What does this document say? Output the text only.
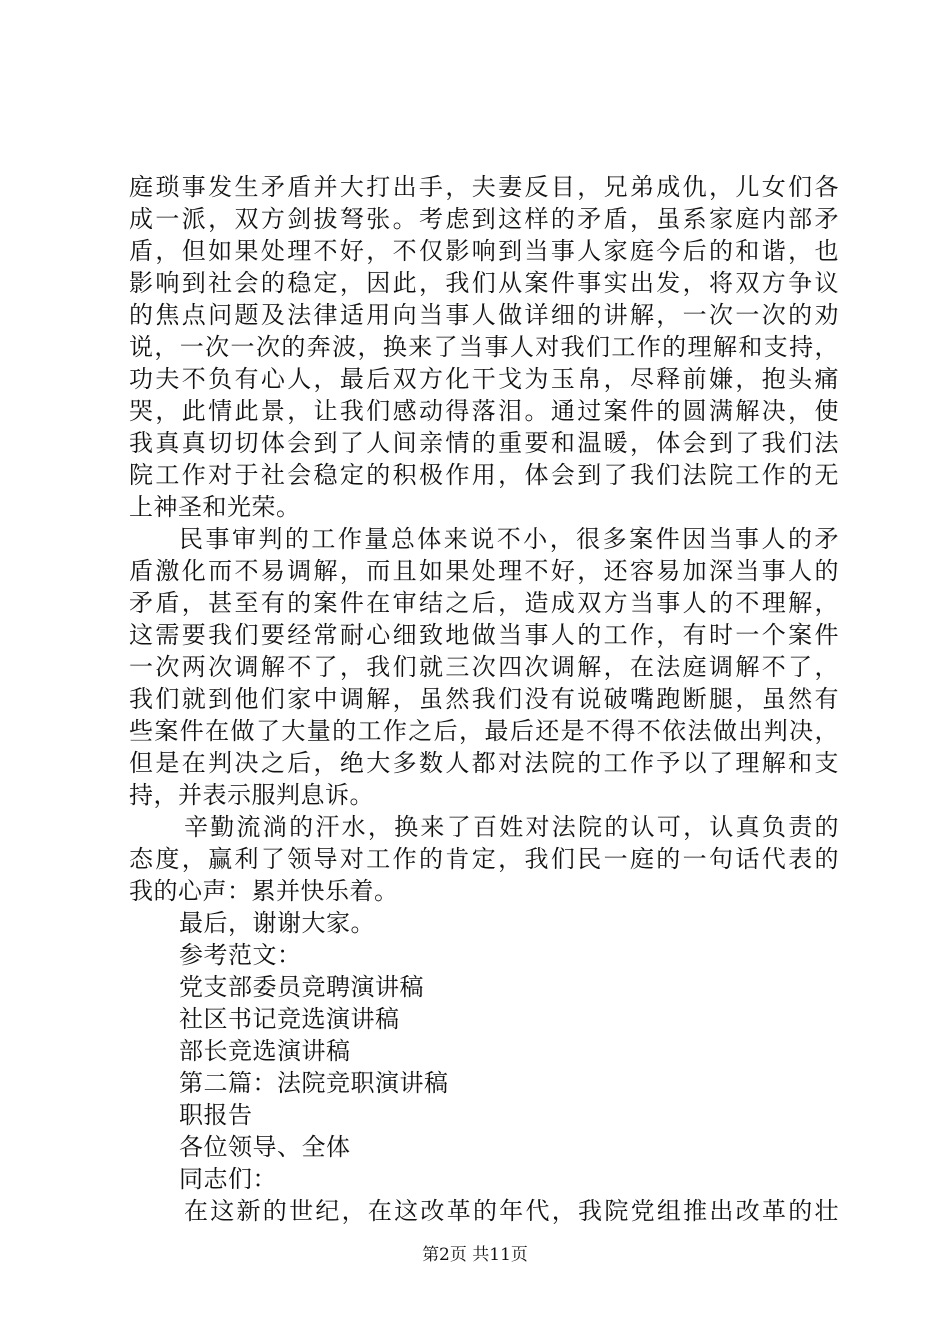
庭琐事发生矛盾并大打出手，夫妻反目，兄弟成仇，儿女们各
成一派，双方剑拔弩张。考虑到这样的矛盾，虽系家庭内部矛
盾，但如果处理不好，不仅影响到当事人家庭今后的和谐，也
影响到社会的稳定，因此，我们从案件事实出发，将双方争议
的焦点问题及法律适用向当事人做详细的讲解，一次一次的劝
说，一次一次的奔波，换来了当事人对我们工作的理解和支持，
功夫不负有心人，最后双方化干戈为玉帛，尽释前嫌，抱头痛
哭，此情此景，让我们感动得落泪。通过案件的圆满解决，使
我真真切切体会到了人间亲情的重要和温暖，体会到了我们法
院工作对于社会稳定的积极作用，体会到了我们法院工作的无
上神圣和光荣。
民事审判的工作量总体来说不小，很多案件因当事人的矛
盾激化而不易调解，而且如果处理不好，还容易加深当事人的
矛盾，甚至有的案件在审结之后，造成双方当事人的不理解，
这需要我们要经常耐心细致地做当事人的工作，有时一个案件
一次两次调解不了，我们就三次四次调解，在法庭调解不了，
我们就到他们家中调解，虽然我们没有说破嘴跑断腿，虽然有
些案件在做了大量的工作之后，最后还是不得不依法做出判决，
但是在判决之后，绝大多数人都对法院的工作予以了理解和支
持，并表示服判息诉。
辛勤流淌的汗水，换来了百姓对法院的认可，认真负责的
态度，赢利了领导对工作的肯定，我们民一庭的一句话代表的
我的心声：累并快乐着。
最后，谢谢大家。
参考范文：
党支部委员竞聘演讲稿
社区书记竞选演讲稿
部长竞选演讲稿
第二篇：法院竞职演讲稿
职报告
各位领导、全体
同志们：
在这新的世纪，在这改革的年代，我院党组推出改革的壮
第2页 共11页
